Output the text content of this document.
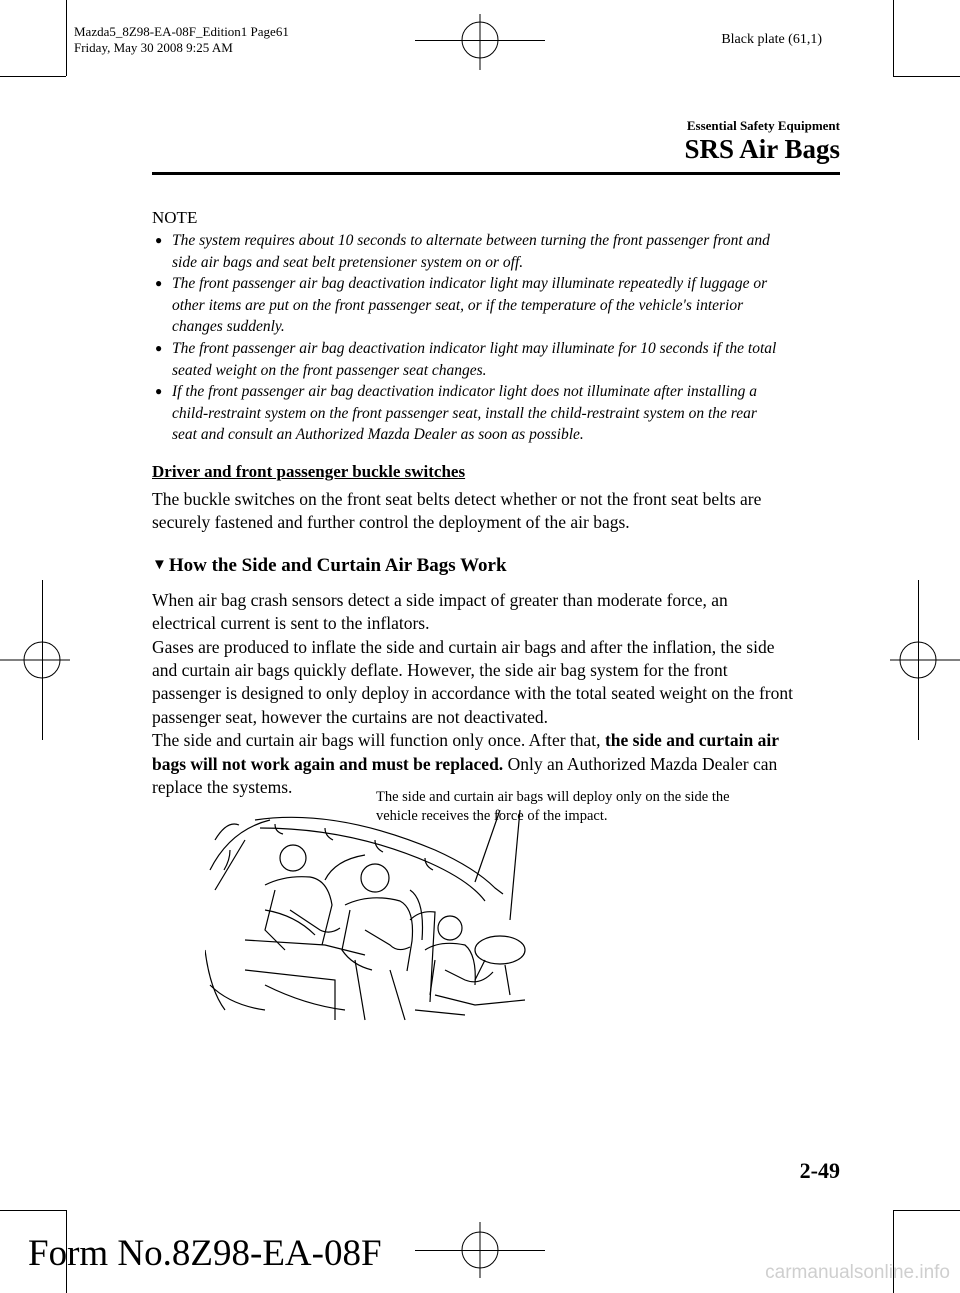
Mazda5_8Z98-EA-08F_Edition1 Page61
Friday, May 30 2008 9:25 AM
Black plate (61,1)
Essential Safety Equipment
SRS Air Bags
NOTE
● The system requires about 10 seconds to alternate between turning the front passenger front and
side air bags and seat belt pretensioner system on or off.
● The front passenger air bag deactivation indicator light may illuminate repeatedly if luggage or
other items are put on the front passenger seat, or if the temperature of the vehicle's interior
changes suddenly.
● The front passenger air bag deactivation indicator light may illuminate for 10 seconds if the total
seated weight on the front passenger seat changes.
● If the front passenger air bag deactivation indicator light does not illuminate after installing a
child-restraint system on the front passenger seat, install the child-restraint system on the rear
seat and consult an Authorized Mazda Dealer as soon as possible.
Driver and front passenger buckle switches

The buckle switches on the front seat belts detect whether or not the front seat belts are
securely fastened and further control the deployment of the air bags.

▼ How the Side and Curtain Air Bags Work

When air bag crash sensors detect a side impact of greater than moderate force, an
electrical current is sent to the inflators.
Gases are produced to inflate the side and curtain air bags and after the inflation, the side
and curtain air bags quickly deflate. However, the side air bag system for the front
passenger is designed to only deploy in accordance with the total seated weight on the front
passenger seat, however the curtains are not deactivated.
The side and curtain air bags will function only once. After that, the side and curtain air
bags will not work again and must be replaced. Only an Authorized Mazda Dealer can
replace the systems.	The side and curtain air bags will deploy only on the side the
vehicle receives the force of the impact.
2-49
Form No.8Z98-EA-08F	carmanualsonline.info
